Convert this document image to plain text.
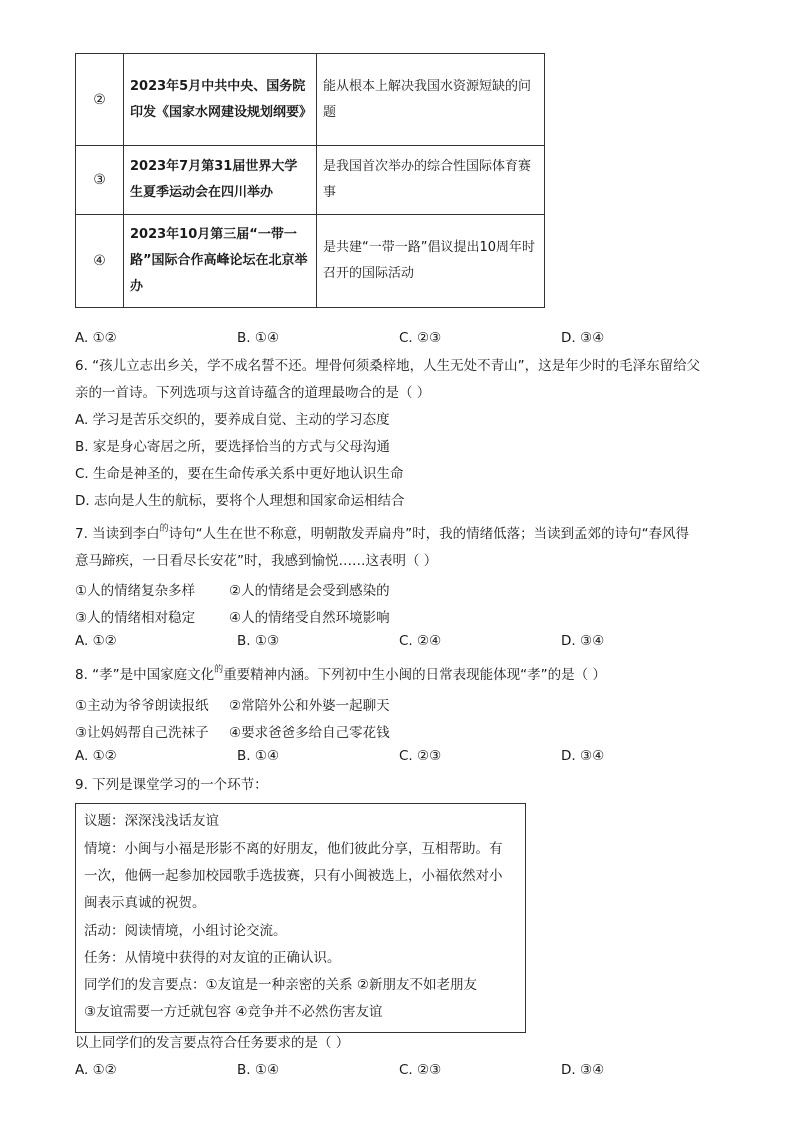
②	2023年5月中共中央、国务院印发《国家水网建设规划纲要》	能从根本上解决我国水资源短缺的问题
③	2023年7月第31届世界大学生夏季运动会在四川举办	是我国首次举办的综合性国际体育赛事
④	2023年10月第三届“一带一路”国际合作高峰论坛在北京举办	是共建“一带一路”倡议提出10周年时召开的国际活动
A. ①②	B. ①④	C. ②③	D. ③④
6. “孩儿立志出乡关，学不成名誓不还。埋骨何须桑梓地，人生无处不青山”，这是年少时的毛泽东留给父
亲的一首诗。下列选项与这首诗蕴含的道理最吻合的是（ ）
A. 学习是苦乐交织的，要养成自觉、主动的学习态度
B. 家是身心寄居之所，要选择恰当的方式与父母沟通
C. 生命是神圣的，要在生命传承关系中更好地认识生命
D. 志向是人生的航标，要将个人理想和国家命运相结合
7. 当读到李白$^的$诗句“人生在世不称意，明朝散发弄扁舟”时，我的情绪低落；当读到孟郊的诗句“春风得
意马蹄疾，一日看尽长安花”时，我感到愉悦……这表明（ ）
①人的情绪复杂多样	②人的情绪是会受到感染的
③人的情绪相对稳定	④人的情绪受自然环境影响
A. ①②	B. ①③	C. ②④	D. ③④
8. “孝”是中国家庭文化$^的$重要精神内涵。下列初中生小闽的日常表现能体现“孝”的是（ ）
①主动为爷爷朗读报纸 ②常陪外公和外婆一起聊天
③让妈妈帮自己洗袜子 ④要求爸爸多给自己零花钱
A. ①②	B. ①④	C. ②③	D. ③④
9. 下列是课堂学习的一个环节：
议题：深深浅浅话友谊
情境：小闽与小福是形影不离的好朋友，他们彼此分享，互相帮助。有
一次，他俩一起参加校园歌手选拔赛，只有小闽被选上，小福依然对小
闽表示真诚的祝贺。
活动：阅读情境，小组讨论交流。
任务：从情境中获得的对友谊的正确认识。
同学们的发言要点：①友谊是一种亲密的关系 ②新朋友不如老朋友
③友谊需要一方迁就包容 ④竞争并不必然伤害友谊
以上同学们的发言要点符合任务要求的是（ ）
A. ①②	B. ①④	C. ②③	D. ③④
